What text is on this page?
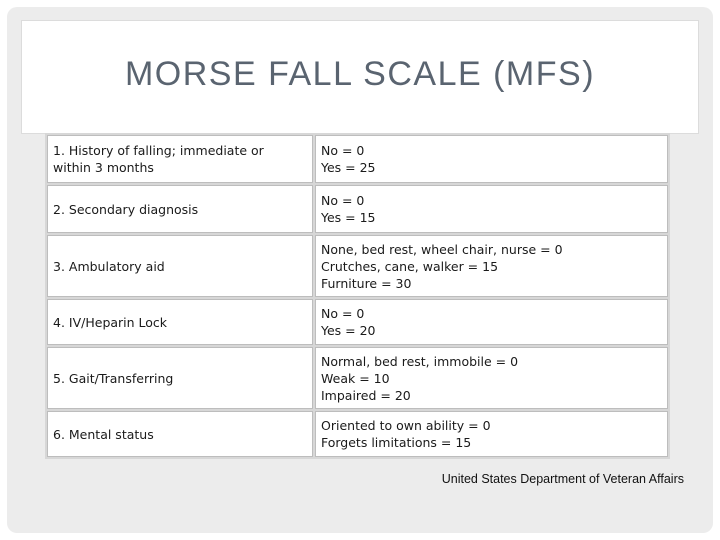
MORSE FALL SCALE (MFS)
1. History of falling; immediate or
within 3 months	No = 0
Yes = 25

2. Secondary diagnosis	No = 0
Yes = 15

3. Ambulatory aid	None, bed rest, wheel chair, nurse = 0
Crutches, cane, walker = 15
Furniture = 30

4. IV/Heparin Lock	No = 0
Yes = 20

5. Gait/Transferring	Normal, bed rest, immobile = 0
Weak = 10
Impaired = 20

6. Mental status	Oriented to own ability = 0
Forgets limitations = 15
United States Department of Veteran Affairs
